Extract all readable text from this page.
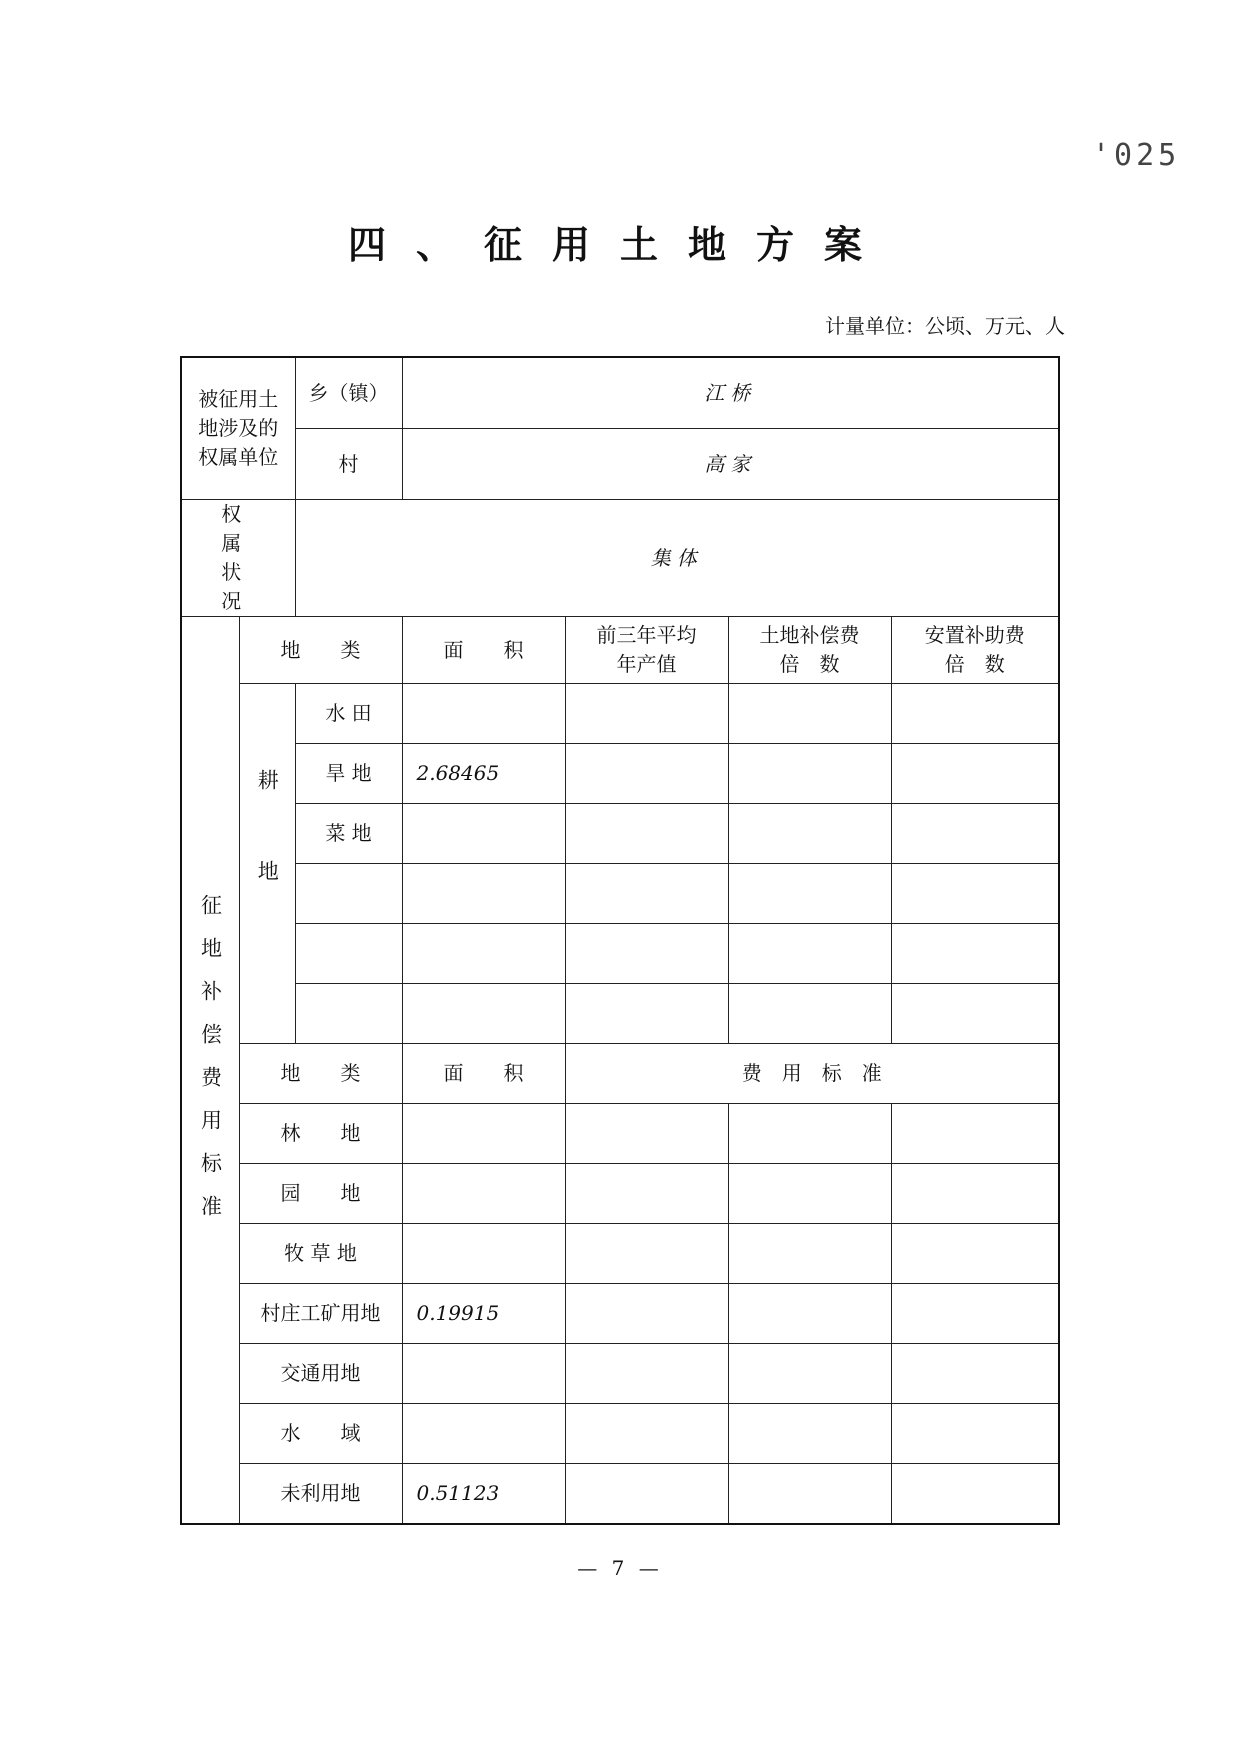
'025
四、征用土地方案
计量单位：公顷、万元、人
被征用土地涉及的权属单位		乡（镇）	江桥			
		村	高家			
权 属 状 况		集体				
征地补偿费用标准	地　　类		面　　积	前三年平均年产值	土地补偿费倍　数	安置补助费倍　数
	耕地	水 田				
		旱 地	2.68465			
		菜 地				

	地　　类		面　　积	费　用　标　准		
	林　　地					
	园　　地					
	牧 草 地					
	村庄工矿用地		0.19915			
	交通用地					
	水　　域					
	未利用地		0.51123			
— 7 —
